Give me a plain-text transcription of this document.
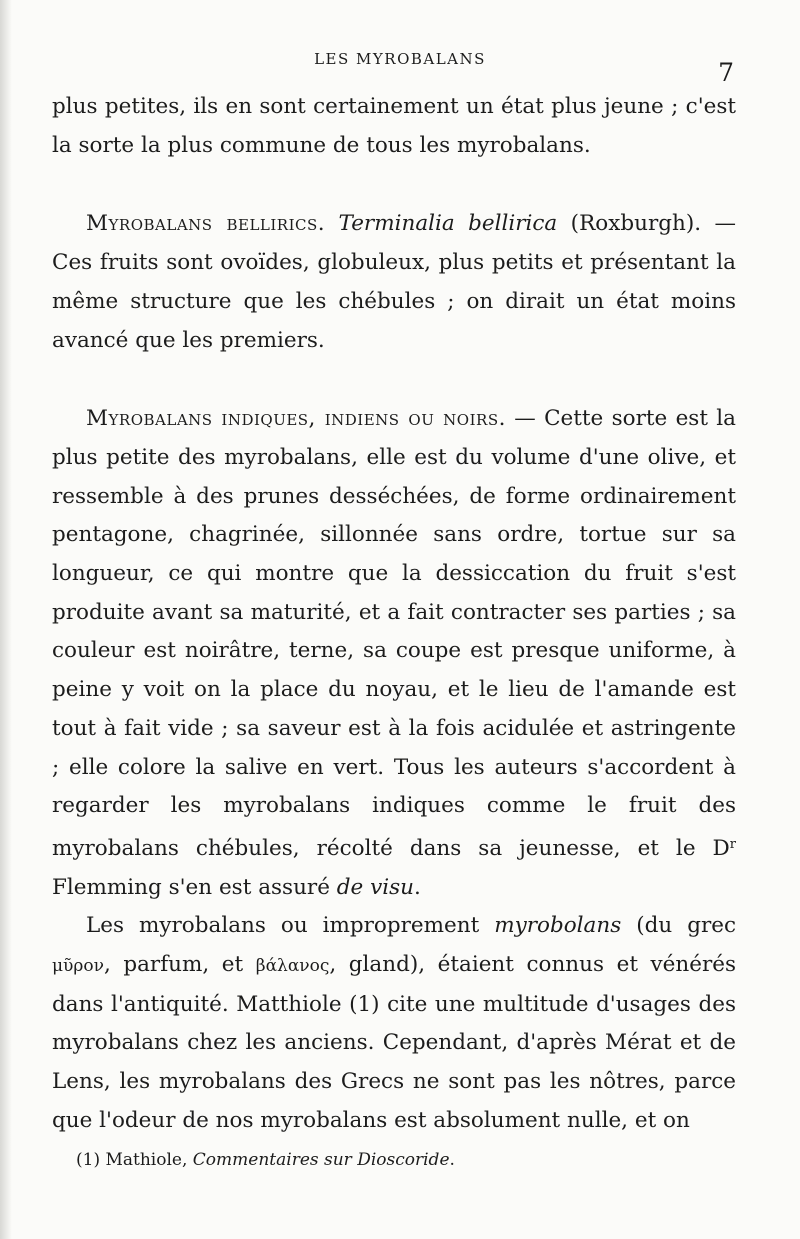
LES MYROBALANS	7

plus petites, ils en sont certainement un état plus jeune ; c'est la sorte la plus commune de tous les myrobalans.

Myrobalans bellirics. Terminalia bellirica (Roxburgh). — Ces fruits sont ovoïdes, globuleux, plus petits et présentant la même structure que les chébules ; on dirait un état moins avancé que les premiers.

Myrobalans indiques, indiens ou noirs. — Cette sorte est la plus petite des myrobalans, elle est du volume d'une olive, et ressemble à des prunes desséchées, de forme ordinairement pentagone, chagrinée, sillonnée sans ordre, tortue sur sa longueur, ce qui montre que la dessiccation du fruit s'est produite avant sa maturité, et a fait contracter ses parties ; sa couleur est noirâtre, terne, sa coupe est presque uniforme, à peine y voit on la place du noyau, et le lieu de l'amande est tout à fait vide ; sa saveur est à la fois acidulée et astringente ; elle colore la salive en vert. Tous les auteurs s'accordent à regarder les myrobalans indiques comme le fruit des myrobalans chébules, récolté dans sa jeunesse, et le $D^r$ Flemming s'en est assuré de visu.

Les myrobalans ou improprement myrobolans (du grec μῦρον, parfum, et βάλανος, gland), étaient connus et vénérés dans l'antiquité. Matthiole (1) cite une multitude d'usages des myrobalans chez les anciens. Cependant, d'après Mérat et de Lens, les myrobalans des Grecs ne sont pas les nôtres, parce que l'odeur de nos myrobalans est absolument nulle, et on

(1) Mathiole, Commentaires sur Dioscoride.
